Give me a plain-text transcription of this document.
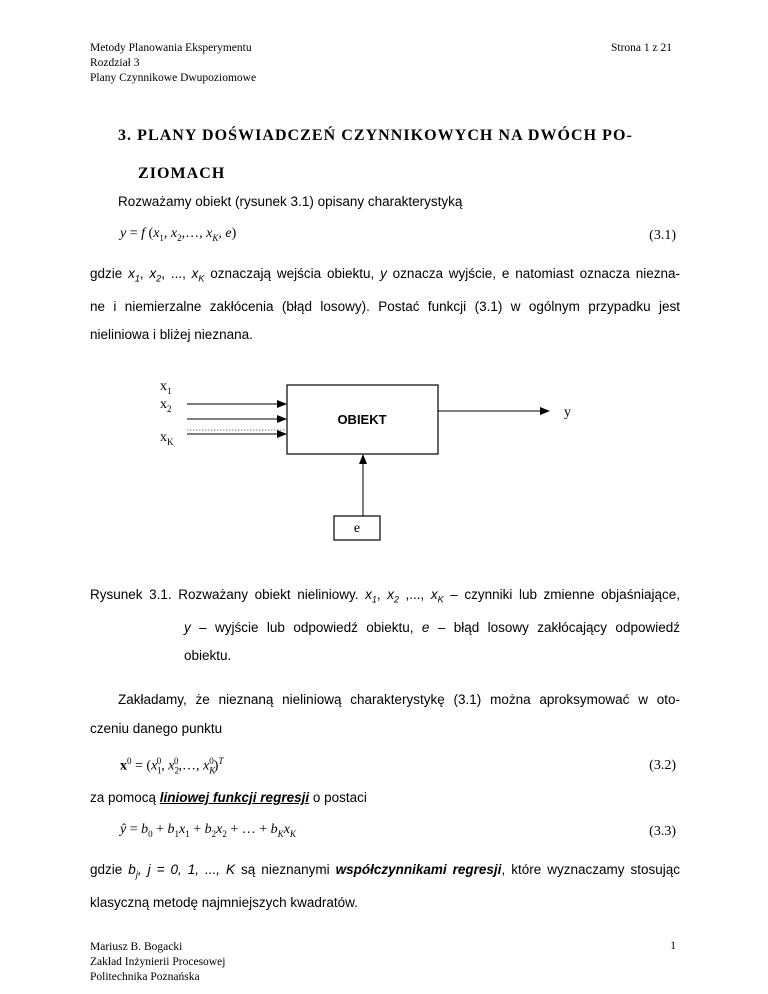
Metody Planowania Eksperymentu
Rozdział 3
Plany Czynnikowe Dwupoziomowe
Strona 1 z 21
3. PLANY DOŚWIADCZEŃ CZYNNIKOWYCH NA DWÓCH PO-
ZIOMACH
Rozważamy obiekt (rysunek 3.1) opisany charakterystyką
y = f ($x_1$, $x_2,\dots$, $x_K$, e)	(3.1)
gdzie $x_1$, $x_2$, ..., $x_K$ oznaczają wejścia obiektu, y oznacza wyjście, e natomiast oznacza niezna-
ne i niemierzalne zakłócenia (błąd losowy). Postać funkcji (3.1) w ogólnym przypadku jest
nieliniowa i bliżej nieznana.
OBIEKT
$x_1$
$x_2$
$x_K$
y
e
Rysunek 3.1. Rozważany obiekt nieliniowy. $x_1$, $x_2$ ,..., $x_K$ – czynniki lub zmienne objaśniające,
y – wyjście lub odpowiedź obiektu, e – błąd losowy zakłócający odpowiedź
obiektu.
Zakładamy, że nieznaną nieliniową charakterystykę (3.1) można aproksymować w oto-
czeniu danego punktu
$x^0 = (x_1^0$, $x_2^0,\dots$, $x_K^0)^T$	(3.2)
za pomocą liniowej funkcji regresji o postaci
ŷ = $b_0 + b_1x_1 + b_2x_2$ + … + $b_Kx_K$	(3.3)
gdzie $b_j$, j = 0, 1, ..., K są nieznanymi współczynnikami regresji, które wyznaczamy stosując
klasyczną metodę najmniejszych kwadratów.
Mariusz B. Bogacki
Zakład Inżynierii Procesowej
Politechnika Poznańska
1
